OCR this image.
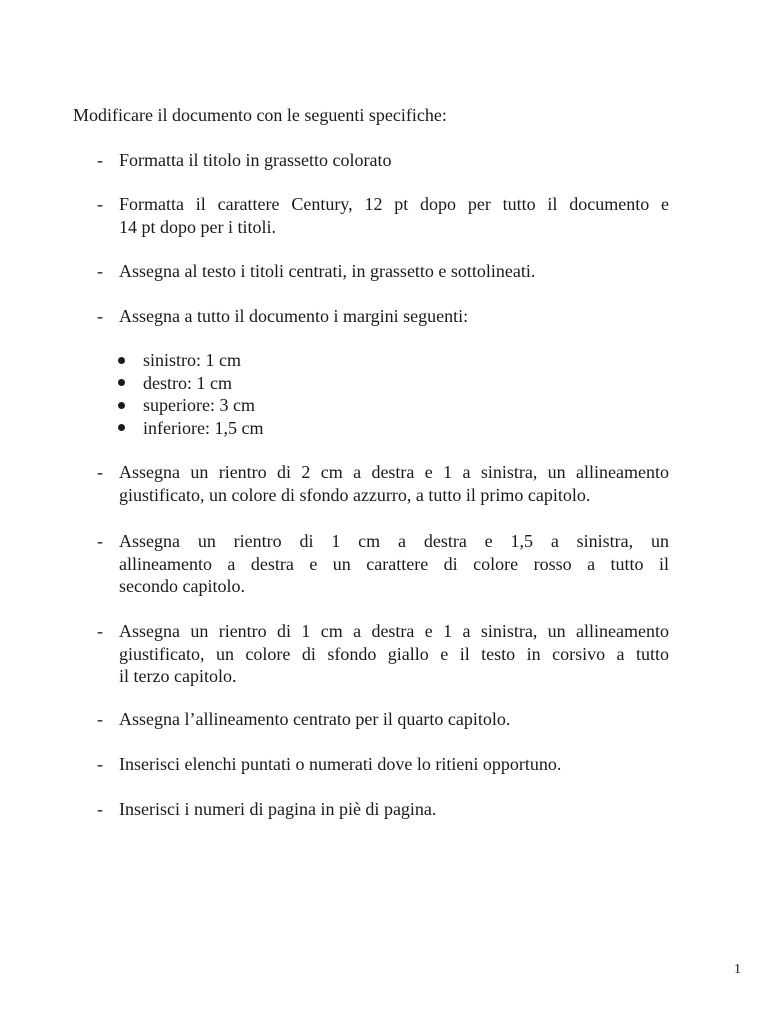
Modificare il documento con le seguenti specifiche:

- Formatta il titolo in grassetto colorato
- Formatta il carattere Century, 12 pt dopo per tutto il documento e
14 pt dopo per i titoli.
- Assegna al testo i titoli centrati, in grassetto e sottolineati.
- Assegna a tutto il documento i margini seguenti:
sinistro: 1 cm
destro: 1 cm
superiore: 3 cm
inferiore: 1,5 cm
- Assegna un rientro di 2 cm a destra e 1 a sinistra, un allineamento
giustificato, un colore di sfondo azzurro, a tutto il primo capitolo.
- Assegna un rientro di 1 cm a destra e 1,5 a sinistra, un
allineamento a destra e un carattere di colore rosso a tutto il
secondo capitolo.
- Assegna un rientro di 1 cm a destra e 1 a sinistra, un allineamento
giustificato, un colore di sfondo giallo e il testo in corsivo a tutto
il terzo capitolo.
- Assegna l’allineamento centrato per il quarto capitolo.
- Inserisci elenchi puntati o numerati dove lo ritieni opportuno.
- Inserisci i numeri di pagina in piè di pagina.
1
